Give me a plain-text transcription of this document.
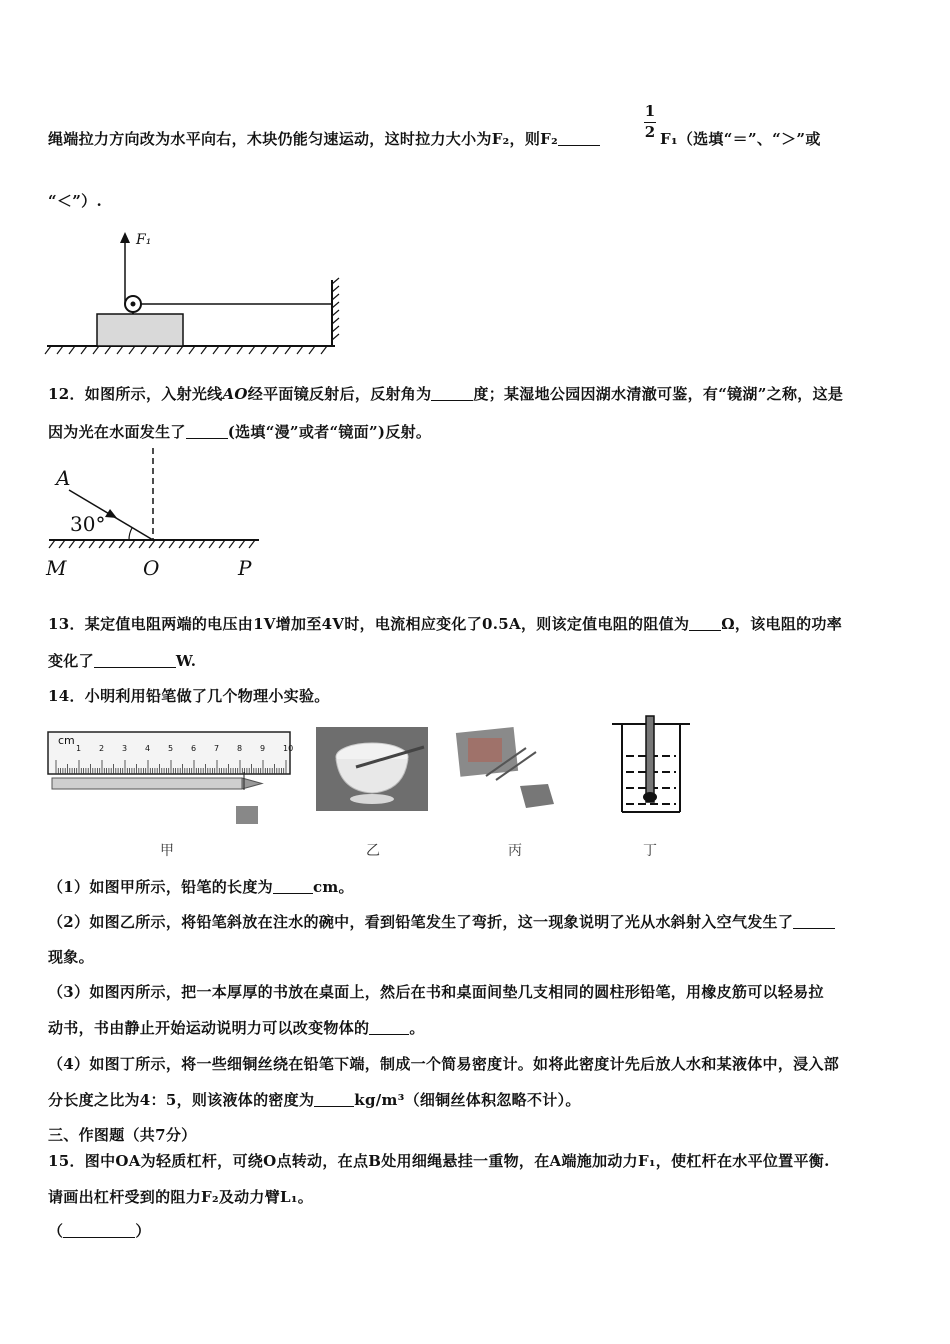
绳端拉力方向改为水平向右，木块仍能匀速运动，这时拉力大小为F₂，则F₂	$\frac{1}{2} F_1$（选填“＝”、“＞”或
“＜”）.
F₁
12．如图所示，入射光线AO经平面镜反射后，反射角为	度；某湿地公园因湖水清澈可鉴，有“镜湖”之称，这是
因为光在水面发生了	(选填“漫”或者“镜面”)反射。
A
30°
M	O	P
13．某定值电阻两端的电压由1V增加至4V时，电流相应变化了0.5A，则该定值电阻的阻值为 Ω，该电阻的功率
变化了	W.
14．小明利用铅笔做了几个物理小实验。
cm
1 2 3 4 5 6 7 8 9 10
甲	乙	丙	丁
（1）如图甲所示，铅笔的长度为	cm。
（2）如图乙所示，将铅笔斜放在注水的碗中，看到铅笔发生了弯折，这一现象说明了光从水斜射入空气发生了
现象。
（3）如图丙所示，把一本厚厚的书放在桌面上，然后在书和桌面间垫几支相同的圆柱形铅笔，用橡皮筋可以轻易拉
动书，书由静止开始运动说明力可以改变物体的	。
（4）如图丁所示，将一些细铜丝绕在铅笔下端，制成一个简易密度计。如将此密度计先后放人水和某液体中，浸入部
分长度之比为4：5，则该液体的密度为	kg/m³（细铜丝体积忽略不计）。
三、作图题（共7分）
15．图中OA为轻质杠杆，可绕O点转动，在点B处用细绳悬挂一重物，在A端施加动力F₁，使杠杆在水平位置平衡.
请画出杠杆受到的阻力F₂及动力臂L₁。
（	）
